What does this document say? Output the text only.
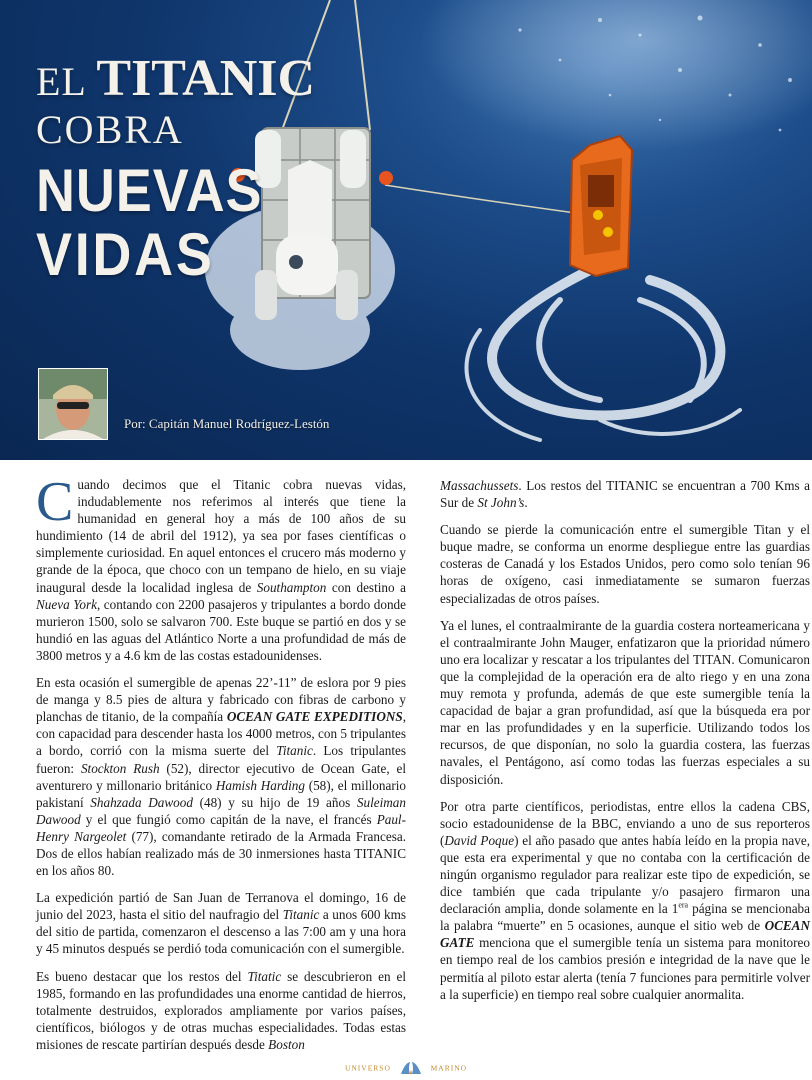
EL TITANIC
COBRA
NUEVAS
VIDAS
Por: Capitán Manuel Rodríguez-Lestón

Cuando decimos que el Titanic cobra nuevas vidas, indudablemente nos referimos al interés que tiene la humanidad en general hoy a más de 100 años de su hundimiento (14 de abril del 1912), ya sea por fases científicas o simplemente curiosidad. En aquel entonces el crucero más moderno y grande de la época, que choco con un tempano de hielo, en su viaje inaugural desde la localidad inglesa de Southampton con destino a Nueva York, contando con 2200 pasajeros y tripulantes a bordo donde murieron 1500, solo se salvaron 700. Este buque se partió en dos y se hundió en las aguas del Atlántico Norte a una profundidad de más de 3800 metros y a 4.6 km de las costas estadounidenses.

En esta ocasión el sumergible de apenas 22’-11” de eslora por 9 pies de manga y 8.5 pies de altura y fabricado con fibras de carbono y planchas de titanio, de la compañía OCEAN GATE EXPEDITIONS, con capacidad para descender hasta los 4000 metros, con 5 tripulantes a bordo, corrió con la misma suerte del Titanic. Los tripulantes fueron: Stockton Rush (52), director ejecutivo de Ocean Gate, el aventurero y millonario británico Hamish Harding (58), el millonario pakistaní Shahzada Dawood (48) y su hijo de 19 años Suleiman Dawood y el que fungió como capitán de la nave, el francés Paul-Henry Nargeolet (77), comandante retirado de la Armada Francesa. Dos de ellos habían realizado más de 30 inmersiones hasta TITANIC en los años 80.

La expedición partió de San Juan de Terranova el domingo, 16 de junio del 2023, hasta el sitio del naufragio del Titanic a unos 600 kms del sitio de partida, comenzaron el descenso a las 7:00 am y una hora y 45 minutos después se perdió toda comunicación con el sumergible.

Es bueno destacar que los restos del Titatic se descubrieron en el 1985, formando en las profundidades una enorme cantidad de hierros, totalmente destruidos, explorados ampliamente por varios países, científicos, biólogos y de otras muchas especialidades. Todas estas misiones de rescate partirían después desde Boston

Massachussets. Los restos del TITANIC se encuentran a 700 Kms a Sur de St John’s.

Cuando se pierde la comunicación entre el sumergible Titan y el buque madre, se conforma un enorme despliegue entre las guardias costeras de Canadá y los Estados Unidos, pero como solo tenían 96 horas de oxígeno, casi inmediatamente se sumaron fuerzas especializadas de otros países.

Ya el lunes, el contraalmirante de la guardia costera norteamericana y el contraalmirante John Mauger, enfatizaron que la prioridad número uno era localizar y rescatar a los tripulantes del TITAN. Comunicaron que la complejidad de la operación era de alto riego y en una zona muy remota y profunda, además de que este sumergible tenía la capacidad de bajar a gran profundidad, así que la búsqueda era por mar en las profundidades y en la superficie. Utilizando todos los recursos, de que disponían, no solo la guardia costera, las fuerzas navales, el Pentágono, así como todas las fuerzas especiales a su disposición.

Por otra parte científicos, periodistas, entre ellos la cadena CBS, socio estadounidense de la BBC, enviando a uno de sus reporteros (David Poque) el año pasado que antes había leído en la propia nave, que esta era experimental y que no contaba con la certificación de ningún organismo regulador para realizar este tipo de expedición, se dice también que cada tripulante y/o pasajero firmaron una declaración amplia, donde solamente en la $1^{era}$ página se mencionaba la palabra “muerte” en 5 ocasiones, aunque el sitio web de OCEAN GATE menciona que el sumergible tenía un sistema para monitoreo en tiempo real de los cambios presión e integridad de la nave que le permitía al piloto estar alerta (tenía 7 funciones para permitirle volver a la superficie) en tiempo real sobre cualquier anormalita.

UNIVERSO	MARINO
